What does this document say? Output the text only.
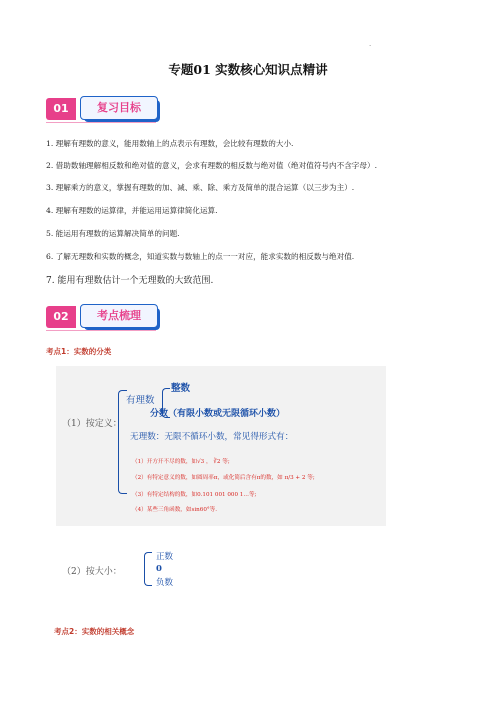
.
专题01 实数核心知识点精讲
01	复习目标
1. 理解有理数的意义，能用数轴上的点表示有理数，会比较有理数的大小.
2. 借助数轴理解相反数和绝对值的意义，会求有理数的相反数与绝对值（绝对值符号内不含字母）.
3. 理解乘方的意义，掌握有理数的加、减、乘、除、乘方及简单的混合运算（以三步为主）.
4. 理解有理数的运算律，并能运用运算律简化运算.
5. 能运用有理数的运算解决简单的问题.
6. 了解无理数和实数的概念，知道实数与数轴上的点一一对应，能求实数的相反数与绝对值.
7. 能用有理数估计一个无理数的大致范围.
02	考点梳理
考点1：实数的分类
（1）按定义：
有理数
整数
分数（有限小数或无限循环小数）
无理数：无限不循环小数，常见得形式有：
（1）开方开不尽的数，如√3 ， ∛2 等;
（2）有特定意义的数，如圆周率π，或化简后含有π的数，如 π/3 + 2 等;
（3）有特定结构的数，如0.101 001 000 1…等;
（4）某些三角函数，如sin60°等.
（2）按大小：
正数
0
负数
考点2：实数的相关概念
